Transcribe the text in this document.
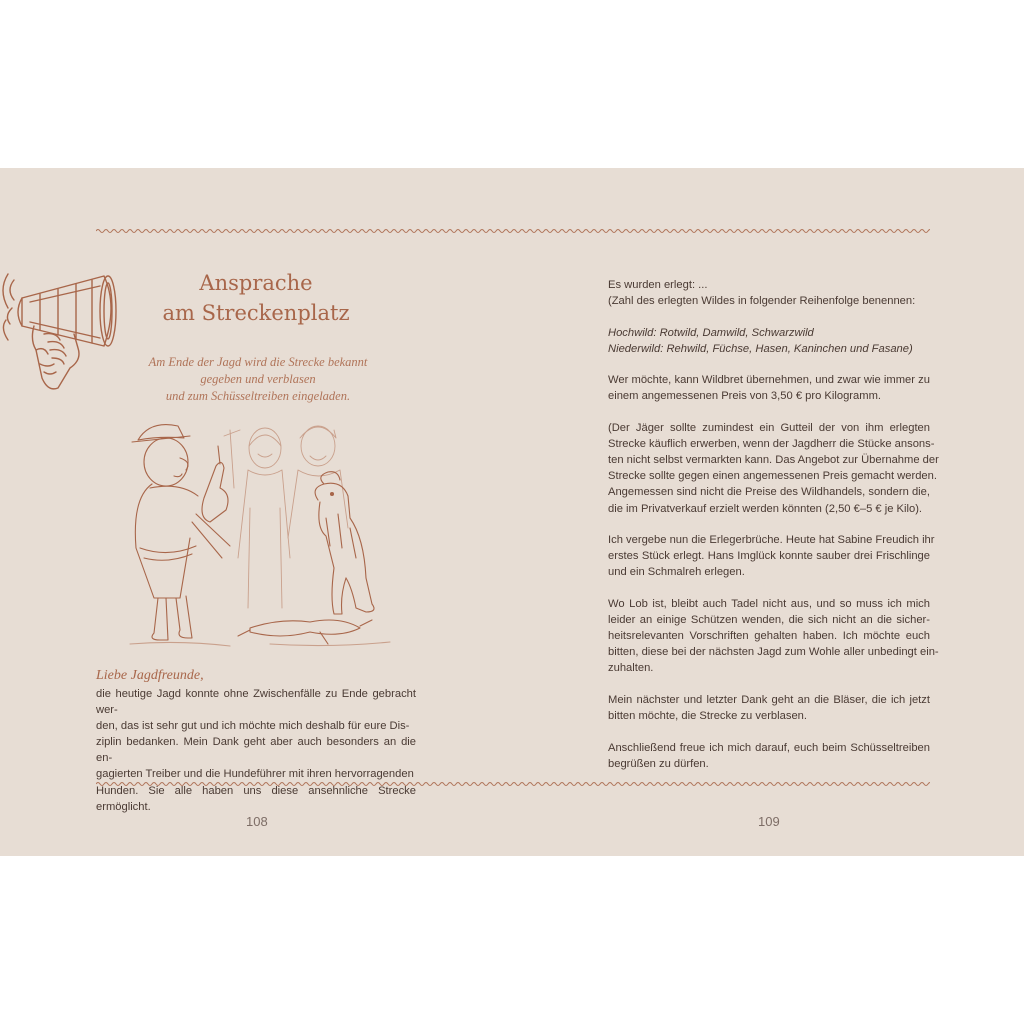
Ansprache
am Streckenplatz

Am Ende der Jagd wird die Strecke bekannt
gegeben und verblasen
und zum Schüsseltreiben eingeladen.

Liebe Jagdfreunde,

die heutige Jagd konnte ohne Zwischenfälle zu Ende gebracht wer-
den, das ist sehr gut und ich möchte mich deshalb für eure Dis-
ziplin bedanken. Mein Dank geht aber auch besonders an die en-
gagierten Treiber und die Hundeführer mit ihren hervorragenden
Hunden. Sie alle haben uns diese ansehnliche Strecke ermöglicht.
Es wurden erlegt: ...
(Zahl des erlegten Wildes in folgender Reihenfolge benennen:
Hochwild: Rotwild, Damwild, Schwarzwild
Niederwild: Rehwild, Füchse, Hasen, Kaninchen und Fasane)
Wer möchte, kann Wildbret übernehmen, und zwar wie immer zu
einem angemessenen Preis von 3,50 € pro Kilogramm.
(Der Jäger sollte zumindest ein Gutteil der von ihm erlegten
Strecke käuflich erwerben, wenn der Jagdherr die Stücke ansons-
ten nicht selbst vermarkten kann. Das Angebot zur Übernahme der
Strecke sollte gegen einen angemessenen Preis gemacht werden.
Angemessen sind nicht die Preise des Wildhandels, sondern die,
die im Privatverkauf erzielt werden könnten (2,50 €–5 € je Kilo).
Ich vergebe nun die Erlegerbrüche. Heute hat Sabine Freudich ihr
erstes Stück erlegt. Hans Imglück konnte sauber drei Frischlinge
und ein Schmalreh erlegen.
Wo Lob ist, bleibt auch Tadel nicht aus, und so muss ich mich
leider an einige Schützen wenden, die sich nicht an die sicher-
heitsrelevanten Vorschriften gehalten haben. Ich möchte euch
bitten, diese bei der nächsten Jagd zum Wohle aller unbedingt ein-
zuhalten.
Mein nächster und letzter Dank geht an die Bläser, die ich jetzt
bitten möchte, die Strecke zu verblasen.
Anschließend freue ich mich darauf, euch beim Schüsseltreiben
begrüßen zu dürfen.
108	109
